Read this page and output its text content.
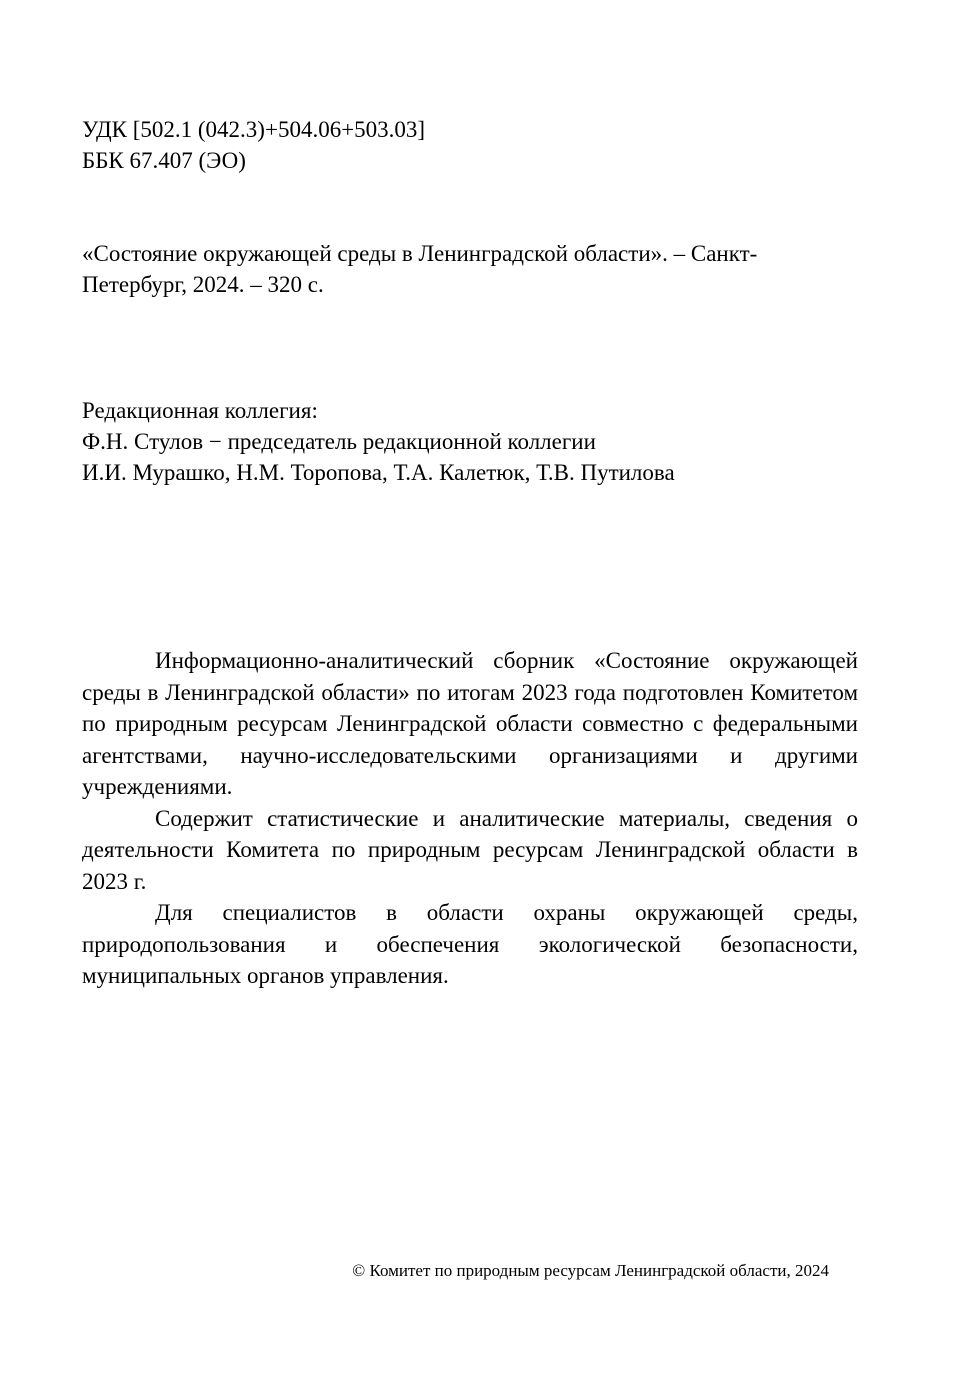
УДК [502.1 (042.3)+504.06+503.03]
ББК 67.407 (ЭО)
«Состояние окружающей среды в Ленинградской области». – Санкт-
Петербург, 2024. – 320 с.
Редакционная коллегия:
Ф.Н. Стулов − председатель редакционной коллегии
И.И. Мурашко, Н.М. Торопова, Т.А. Калетюк, Т.В. Путилова

Информационно-аналитический сборник «Состояние окружающей среды в Ленинградской области» по итогам 2023 года подготовлен Комитетом по природным ресурсам Ленинградской области совместно с федеральными агентствами, научно-исследовательскими организациями и другими учреждениями.

Содержит статистические и аналитические материалы, сведения о деятельности Комитета по природным ресурсам Ленинградской области в 2023 г.

Для специалистов в области охраны окружающей среды, природопользования и обеспечения экологической безопасности, муниципальных органов управления.

© Комитет по природным ресурсам Ленинградской области, 2024
